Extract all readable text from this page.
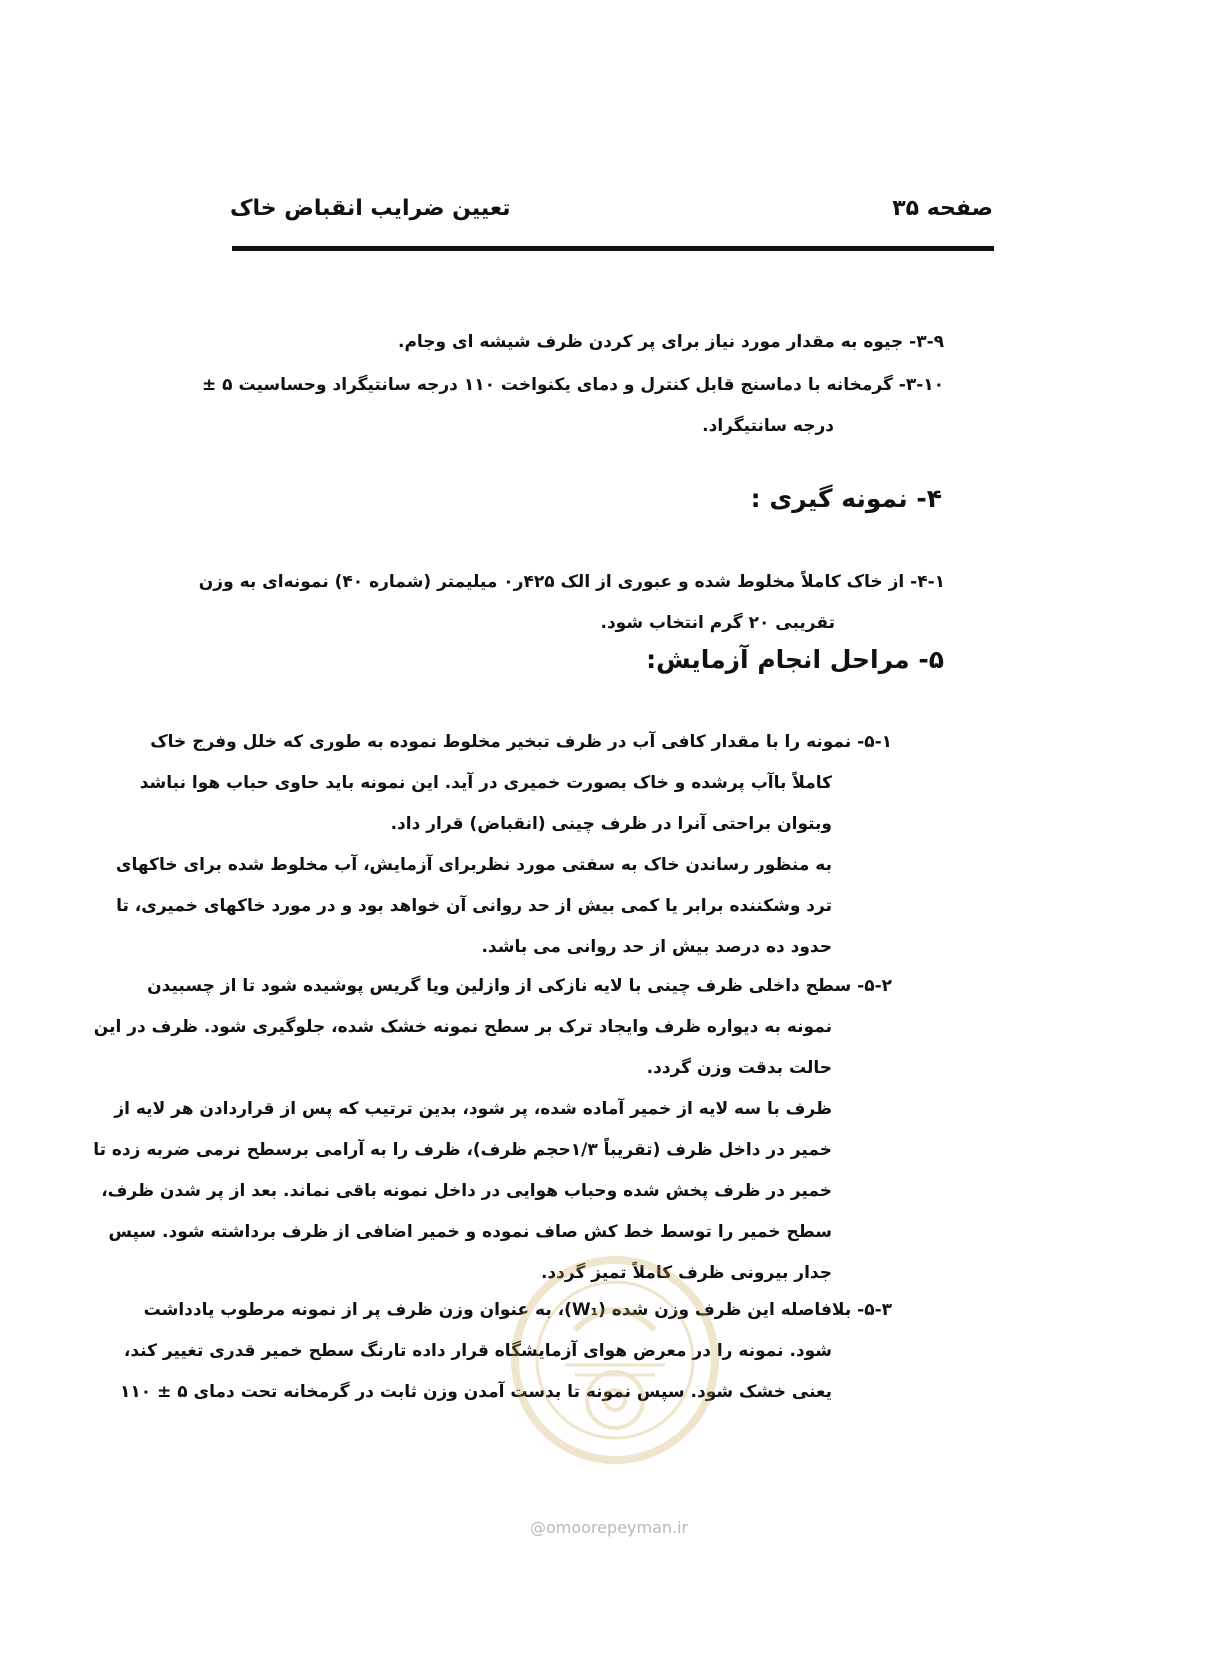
صفحه ۳۵
تعیین ضرایب انقباض خاک
۳-۹- جیوه به مقدار مورد نیاز برای پر کردن ظرف شیشه ای وجام.
۳-۱۰- گرمخانه با دماسنج قابل کنترل و دمای یکنواخت ۱۱۰ درجه سانتیگراد وحساسیت ۵ ±
درجه سانتیگراد.
۴- نمونه گیری :
۴-۱- از خاک کاملاً مخلوط شده و عبوری از الک ۴۲۵ر۰ میلیمتر (شماره ۴۰) نمونه‌ای به وزن
تقریبی ۲۰ گرم انتخاب شود.
۵- مراحل انجام آزمایش:
۵-۱- نمونه را با مقدار کافی آب در ظرف تبخیر مخلوط نموده به طوری که خلل وفرج خاک
کاملاً باآب پرشده و خاک بصورت خمیری در آید. این نمونه باید حاوی حباب هوا نباشد
وبتوان براحتی آنرا در ظرف چینی (انقباض) قرار داد.
به منظور رساندن خاک به سفتی مورد نظربرای آزمایش، آب مخلوط شده برای خاکهای
ترد وشکننده برابر یا کمی بیش از حد روانی آن خواهد بود و در مورد خاکهای خمیری، تا
حدود ده درصد بیش از حد روانی می باشد.
۵-۲- سطح داخلی ظرف چینی با لایه نازکی از وازلین ویا گریس پوشیده شود تا از چسبیدن
نمونه به دیواره ظرف وایجاد ترک بر سطح نمونه خشک شده، جلوگیری شود. ظرف در این
حالت بدقت وزن گردد.
ظرف با سه لایه از خمیر آماده شده، پر شود، بدین ترتیب که پس از قراردادن هر لایه از
خمیر در داخل ظرف (تقریباً ۱/۳حجم ظرف)، ظرف را به آرامی برسطح نرمی ضربه زده تا
خمیر در ظرف پخش شده وحباب هوایی در داخل نمونه باقی نماند. بعد از پر شدن ظرف،
سطح خمیر را توسط خط کش صاف نموده و خمیر اضافی از ظرف برداشته شود. سپس
جدار بیرونی ظرف کاملاً تمیز گردد.
۵-۳- بلافاصله این ظرف وزن شده (W₁)، به عنوان وزن ظرف پر از نمونه مرطوب یادداشت
شود. نمونه را در معرض هوای آزمایشگاه قرار داده تارنگ سطح خمیر قدری تغییر کند،
یعنی خشک شود. سپس نمونه تا بدست آمدن وزن ثابت در گرمخانه تحت دمای ۵ ± ۱۱۰
@omoorepeyman.ir
